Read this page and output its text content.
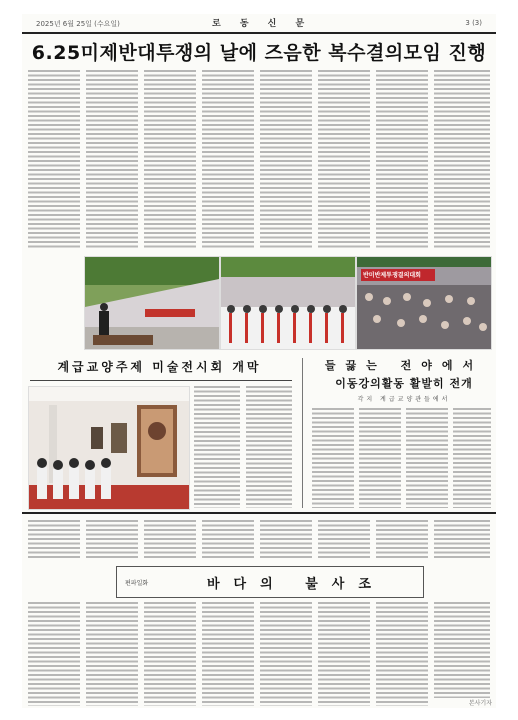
2025년 6월 25일 (수요일)	로 동 신 문	3 (3)
6.25미제반대투쟁의 날에 즈음한 복수결의모임 진행
반미반제투쟁결의대회
계급교양주제 미술전시회 개막	들끓는 전야에서
이동강의활동 활발히 전개
각지 계급교양관들에서
편파일화	바다의 불사조
본사기자
